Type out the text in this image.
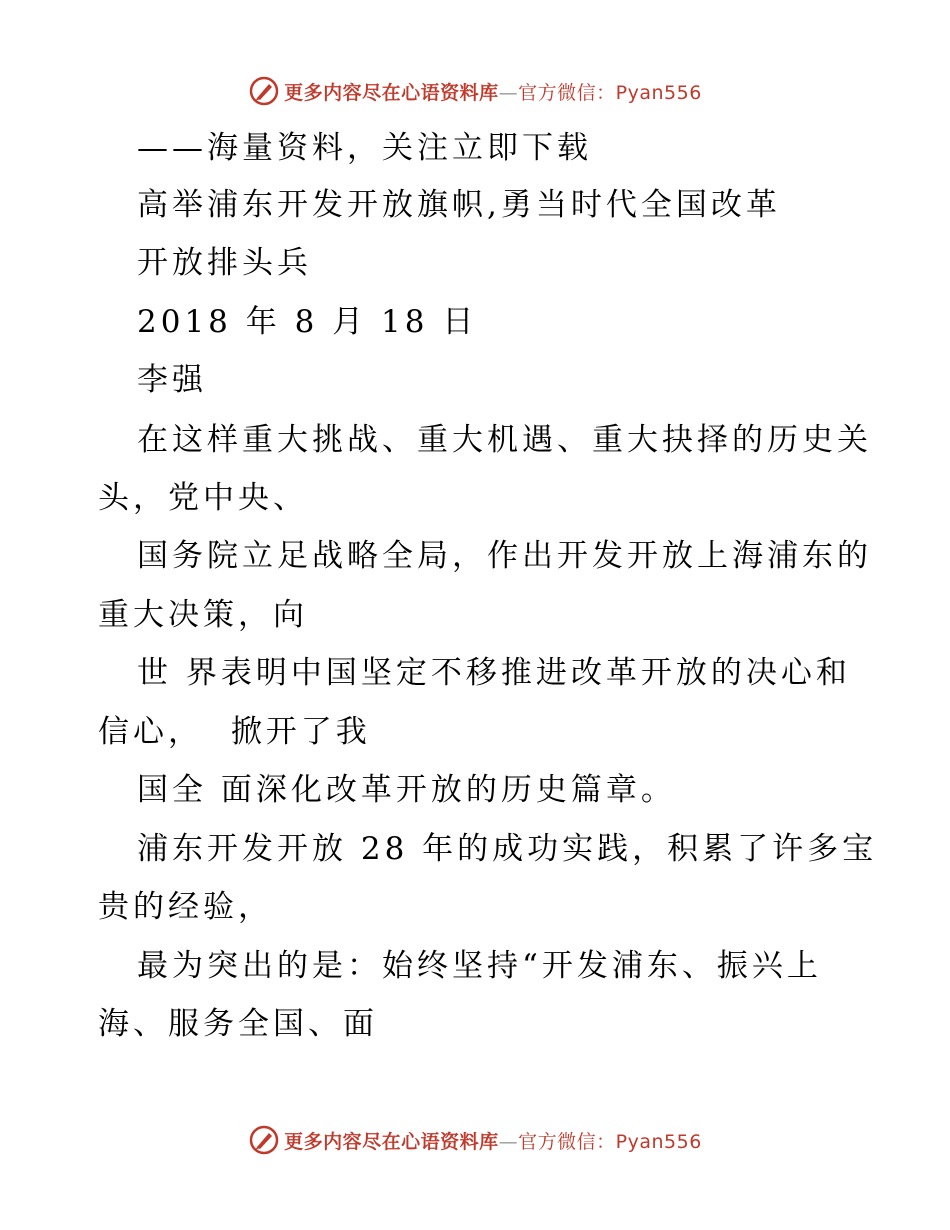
更多内容尽在心语资料库—官方微信：Pyan556
——海量资料，关注立即下载
高举浦东开发开放旗帜,勇当时代全国改革
开放排头兵
2018 年 8 月 18 日
李强
在这样重大挑战、重大机遇、重大抉择的历史关
头，党中央、
国务院立足战略全局，作出开发开放上海浦东的
重大决策，向
世 界表明中国坚定不移推进改革开放的决心和
信心，  掀开了我
国全 面深化改革开放的历史篇章。
浦东开发开放 28 年的成功实践，积累了许多宝
贵的经验，
最为突出的是：始终坚持“开发浦东、振兴上
海、服务全国、面
更多内容尽在心语资料库—官方微信：Pyan556
